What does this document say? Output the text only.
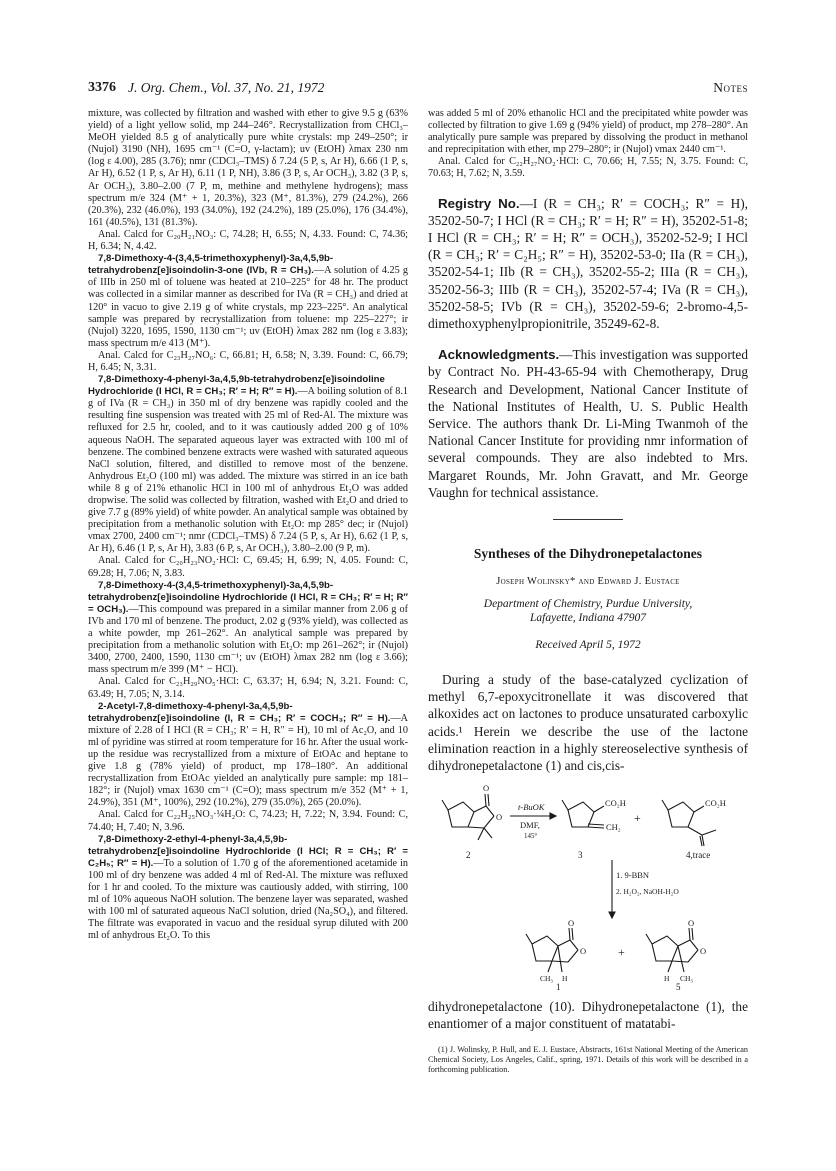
3376 J. Org. Chem., Vol. 37, No. 21, 1972	Notes

mixture, was collected by filtration and washed with ether to give 9.5 g (63% yield) of a light yellow solid, mp 244–246°. Recrystallization from CHCl₃–MeOH yielded 8.5 g of analytically pure white crystals: mp 249–250°; ir (Nujol) 3190 (NH), 1695 cm⁻¹ (C=O, γ-lactam); uv (EtOH) λmax 230 nm (log ε 4.00), 285 (3.76); nmr (CDCl₃–TMS) δ 7.24 (5 P, s, Ar H), 6.66 (1 P, s, Ar H), 6.52 (1 P, s, Ar H), 6.11 (1 P, NH), 3.86 (3 P, s, Ar OCH₃), 3.82 (3 P, s, Ar OCH₃), 3.80–2.00 (7 P, m, methine and methylene hydrogens); mass spectrum m/e 324 (M⁺ + 1, 20.3%), 323 (M⁺, 81.3%), 279 (24.2%), 266 (20.3%), 232 (46.0%), 193 (34.0%), 192 (24.2%), 189 (25.0%), 176 (34.4%), 161 (40.5%), 131 (81.3%).

Anal. Calcd for C₂₀H₂₁NO₃: C, 74.28; H, 6.55; N, 4.33. Found: C, 74.36; H, 6.34; N, 4.42.

7,8-Dimethoxy-4-(3,4,5-trimethoxyphenyl)-3a,4,5,9b-tetrahydrobenz[e]isoindolin-3-one (IVb, R = CH₃).—A solution of 4.25 g of IIIb in 250 ml of toluene was heated at 210–225° for 48 hr. The product was collected in a similar manner as described for IVa (R = CH₃) and dried at 120° in vacuo to give 2.19 g of white crystals, mp 223–225°. An analytical sample was prepared by recrystallization from toluene: mp 225–227°; ir (Nujol) 3220, 1695, 1590, 1130 cm⁻¹; uv (EtOH) λmax 282 nm (log ε 3.83); mass spectrum m/e 413 (M⁺).

Anal. Calcd for C₂₃H₂₇NO₆: C, 66.81; H, 6.58; N, 3.39. Found: C, 66.79; H, 6.45; N, 3.31.

7,8-Dimethoxy-4-phenyl-3a,4,5,9b-tetrahydrobenz[e]isoindoline Hydrochloride (I HCl, R = CH₃; R′ = H; R″ = H).—A boiling solution of 8.1 g of IVa (R = CH₃) in 350 ml of dry benzene was rapidly cooled and the resulting fine suspension was treated with 25 ml of Red-Al. The mixture was refluxed for 2.5 hr, cooled, and to it was cautiously added 200 g of 10% aqueous NaOH. The separated aqueous layer was extracted with 100 ml of benzene. The combined benzene extracts were washed with saturated aqueous NaCl solution, filtered, and distilled to remove most of the benzene. Anhydrous Et₂O (100 ml) was added. The mixture was stirred in an ice bath while 8 g of 21% ethanolic HCl in 100 ml of anhydrous Et₂O was added dropwise. The solid was collected by filtration, washed with Et₂O and dried to give 7.7 g (89% yield) of white powder. An analytical sample was obtained by precipitation from a methanolic solution with Et₂O: mp 285° dec; ir (Nujol) νmax 2700, 2400 cm⁻¹; nmr (CDCl₃–TMS) δ 7.24 (5 P, s, Ar H), 6.62 (1 P, s, Ar H), 6.46 (1 P, s, Ar H), 3.83 (6 P, s, Ar OCH₃), 3.80–2.00 (9 P, m).

Anal. Calcd for C₂₀H₂₃NO₂·HCl: C, 69.45; H, 6.99; N, 4.05. Found: C, 69.28; H, 7.06; N, 3.83.

7,8-Dimethoxy-4-(3,4,5-trimethoxyphenyl)-3a,4,5,9b-tetrahydrobenz[e]isoindoline Hydrochloride (I HCl, R = CH₃; R′ = H; R″ = OCH₃).—This compound was prepared in a similar manner from 2.06 g of IVb and 170 ml of benzene. The product, 2.02 g (93% yield), was collected as a white powder, mp 261–262°. An analytical sample was prepared by precipitation from a methanolic solution with Et₂O: mp 261–262°; ir (Nujol) 3400, 2700, 2400, 1590, 1130 cm⁻¹; uv (EtOH) λmax 282 nm (log ε 3.66); mass spectrum m/e 399 (M⁺ − HCl).

Anal. Calcd for C₂₃H₂₉NO₅·HCl: C, 63.37; H, 6.94; N, 3.21. Found: C, 63.49; H, 7.05; N, 3.14.

2-Acetyl-7,8-dimethoxy-4-phenyl-3a,4,5,9b-tetrahydrobenz[e]isoindoline (I, R = CH₃; R′ = COCH₃; R″ = H).—A mixture of 2.28 of I HCl (R = CH₃; R′ = H, R″ = H), 10 ml of Ac₂O, and 10 ml of pyridine was stirred at room temperature for 16 hr. After the usual work-up the residue was recrystallized from a mixture of EtOAc and heptane to give 1.8 g (78% yield) of product, mp 178–180°. An additional recrystallization from EtOAc yielded an analytically pure sample: mp 181–182°; ir (Nujol) νmax 1630 cm⁻¹ (C=O); mass spectrum m/e 352 (M⁺ + 1, 24.9%), 351 (M⁺, 100%), 292 (10.2%), 279 (35.0%), 265 (20.0%).

Anal. Calcd for C₂₂H₂₅NO₃·¼H₂O: C, 74.23; H, 7.22; N, 3.94. Found: C, 74.40; H, 7.40; N, 3.96.

7,8-Dimethoxy-2-ethyl-4-phenyl-3a,4,5,9b-tetrahydrobenz[e]isoindoline Hydrochloride (I HCl; R = CH₃; R′ = C₂H₅; R″ = H).—To a solution of 1.70 g of the aforementioned acetamide in 100 ml of dry benzene was added 4 ml of Red-Al. The mixture was refluxed for 1 hr and cooled. To the mixture was cautiously added, with stirring, 100 ml of 10% aqueous NaOH solution. The benzene layer was separated, washed with 100 ml of saturated aqueous NaCl solution, dried (Na₂SO₄), and filtered. The filtrate was evaporated in vacuo and the residual syrup diluted with 200 ml of anhydrous Et₂O. To this

was added 5 ml of 20% ethanolic HCl and the precipitated white powder was collected by filtration to give 1.69 g (94% yield) of product, mp 278–280°. An analytically pure sample was prepared by dissolving the product in methanol and reprecipitation with ether, mp 279–280°; ir (Nujol) νmax 2440 cm⁻¹.

Anal. Calcd for C₂₂H₂₇NO₂·HCl: C, 70.66; H, 7.55; N, 3.75. Found: C, 70.63; H, 7.62; N, 3.59.

Registry No.—I (R = CH₃; R′ = COCH₃; R″ = H), 35202-50-7; I HCl (R = CH₃; R′ = H; R″ = H), 35202-51-8; I HCl (R = CH₃; R′ = H; R″ = OCH₃), 35202-52-9; I HCl (R = CH₃; R′ = C₂H₅; R″ = H), 35202-53-0; IIa (R = CH₃), 35202-54-1; IIb (R = CH₃), 35202-55-2; IIIa (R = CH₃), 35202-56-3; IIIb (R = CH₃), 35202-57-4; IVa (R = CH₃), 35202-58-5; IVb (R = CH₃), 35202-59-6; 2-bromo-4,5-dimethoxyphenylpropionitrile, 35249-62-8.

Acknowledgments.—This investigation was supported by Contract No. PH-43-65-94 with Chemotherapy, Drug Research and Development, National Cancer Institute of the National Institutes of Health, U. S. Public Health Service. The authors thank Dr. Li-Ming Twanmoh of the National Cancer Institute for providing nmr information of several compounds. They are also indebted to Mrs. Margaret Rounds, Mr. John Gravatt, and Mr. George Vaughn for technical assistance.

Syntheses of the Dihydronepetalactones

Joseph Wolinsky* and Edward J. Eustace

Department of Chemistry, Purdue University,
Lafayette, Indiana 47907

Received April 5, 1972

During a study of the base-catalyzed cyclization of methyl 6,7-epoxycitronellate it was discovered that alkoxides act on lactones to produce unsaturated carboxylic acids.¹ Herein we describe the use of the lactone elimination reaction in a highly stereoselective synthesis of dihydronepetalactone (1) and cis,cis-

O
O
t-BuOK
DMF,
145°
CO₂H
CH₂
+
CO₂H
2	3	4,trace
1. 9-BBN
2. H₂O₂, NaOH-H₂O
O
O
CH₃ H
+
O
O
H CH₃
1	5

dihydronepetalactone (10). Dihydronepetalactone (1), the enantiomer of a major constituent of matatabi-

(1) J. Wolinsky, P. Hull, and E. J. Eustace, Abstracts, 161st National Meeting of the American Chemical Society, Los Angeles, Calif., spring, 1971. Details of this work will be described in a forthcoming publication.
